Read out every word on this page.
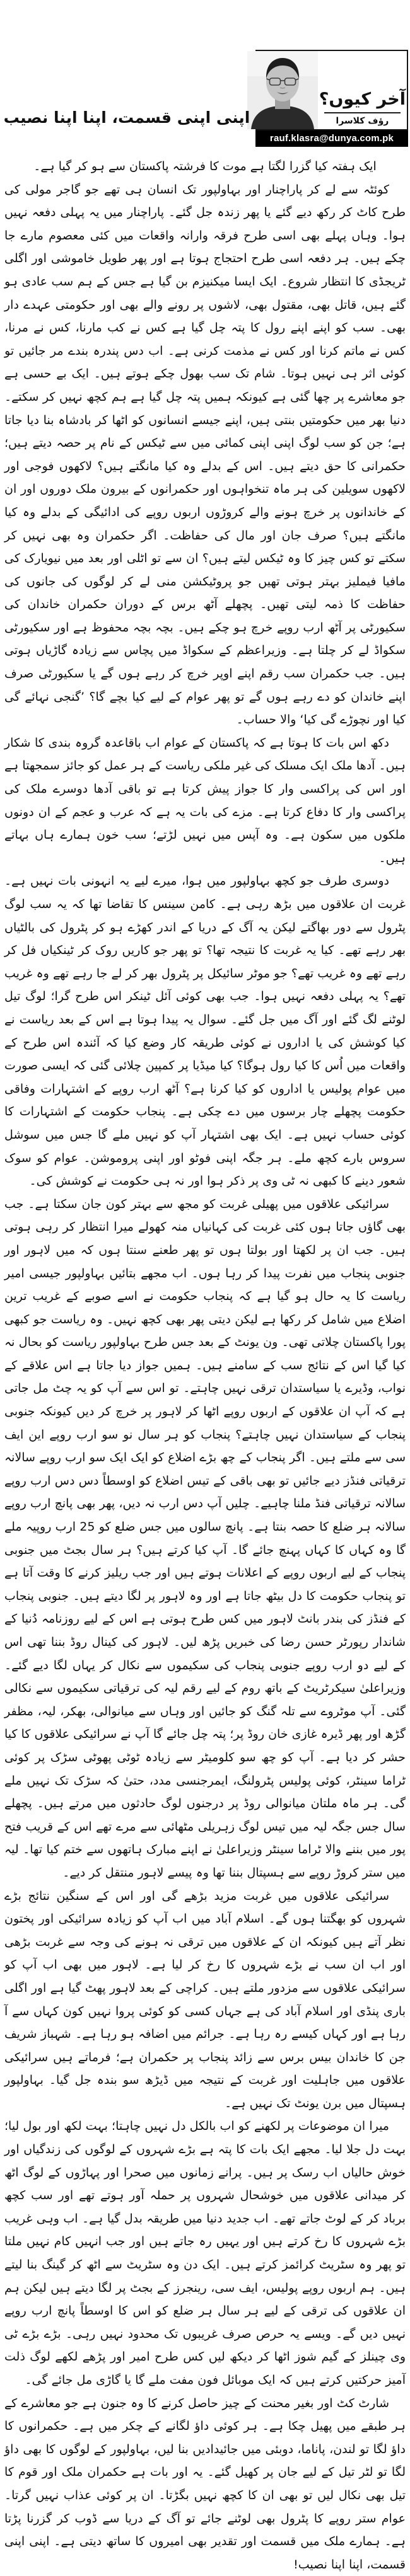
آخر کیوں؟
رؤف کلاسرا
rauf.klasra@dunya.com.pk
اپنی اپنی قسمت، اپنا اپنا نصیب

ایک ہفتہ کیا گزرا لگتا ہے موت کا فرشتہ پاکستان سے ہو کر گیا ہے۔

کوئٹہ سے لے کر پاراچنار اور بہاولپور تک انسان ہی تھے جو گاجر مولی کی طرح کاٹ کر رکھ دیے گئے یا پھر زندہ جل گئے۔ پاراچنار میں یہ پہلی دفعہ نہیں ہوا۔ وہاں پہلے بھی اسی طرح فرقہ وارانہ واقعات میں کئی معصوم مارے جا چکے ہیں۔ ہر دفعہ اسی طرح احتجاج ہوتا ہے اور پھر طویل خاموشی اور اگلی ٹریجڈی کا انتظار شروع۔ ایک ایسا میکنیزم بن گیا ہے جس کے ہم سب عادی ہو گئے ہیں، قاتل بھی، مقتول بھی، لاشوں پر رونے والے بھی اور حکومتی عہدے دار بھی۔ سب کو اپنے اپنے رول کا پتہ چل گیا ہے کس نے کب مارنا، کس نے مرنا، کس نے ماتم کرنا اور کس نے مذمت کرنی ہے۔ اب دس پندرہ بندے مر جائیں تو کوئی اثر ہی نہیں ہوتا۔ شام تک سب بھول چکے ہوتے ہیں۔ ایک بے حسی ہے جو معاشرے پر چھا گئی ہے کیونکہ ہمیں پتہ چل گیا ہے ہم کچھ نہیں کر سکتے۔ دنیا بھر میں حکومتیں بنتی ہیں، اپنے جیسے انسانوں کو اٹھا کر بادشاہ بنا دیا جاتا ہے؛ جن کو سب لوگ اپنی اپنی کمائی میں سے ٹیکس کے نام پر حصہ دیتے ہیں؛ حکمرانی کا حق دیتے ہیں۔ اس کے بدلے وہ کیا مانگتے ہیں؟ لاکھوں فوجی اور لاکھوں سویلین کی ہر ماہ تنخواہوں اور حکمرانوں کے بیرون ملک دوروں اور ان کے خاندانوں پر خرچ ہونے والے کروڑوں اربوں روپے کی ادائیگی کے بدلے وہ کیا مانگتے ہیں؟ صرف جان اور مال کی حفاظت۔ اگر حکمران وہ بھی نہیں کر سکتے تو کس چیز کا وہ ٹیکس لیتے ہیں؟ ان سے تو اٹلی اور بعد میں نیویارک کی مافیا فیملیز بہتر ہوتی تھیں جو پروٹیکشن منی لے کر لوگوں کی جانوں کی حفاظت کا ذمہ لیتی تھیں۔ پچھلے آٹھ برس کے دوران حکمران خاندان کی سکیورٹی پر آٹھ ارب روپے خرچ ہو چکے ہیں۔ بچہ بچہ محفوظ ہے اور سکیورٹی سکواڈ لے کر چلتا ہے۔ وزیراعظم کے سکواڈ میں پچاس سے زیادہ گاڑیاں ہوتی ہیں۔ جب حکمران سب رقم اپنے اوپر خرچ کر رہے ہوں گے یا سکیورٹی صرف اپنے خاندان کو دے رہے ہوں گے تو پھر عوام کے لیے کیا بچے گا؟ ’گنجی نہائے گی کیا اور نچوڑے گی کیا‘ والا حساب۔

دکھ اس بات کا ہوتا ہے کہ پاکستان کے عوام اب باقاعدہ گروہ بندی کا شکار ہیں۔ آدھا ملک ایک مسلک کی غیر ملکی ریاست کے ہر عمل کو جائز سمجھتا ہے اور اس کی پراکسی وار کا جواز پیش کرتا ہے تو باقی آدھا دوسرے ملک کی پراکسی وار کا دفاع کرتا ہے۔ مزے کی بات یہ ہے کہ عرب و عجم کے ان دونوں ملکوں میں سکون ہے۔ وہ آپس میں نہیں لڑتے؛ سب خون ہمارے ہاں بہاتے ہیں۔

دوسری طرف جو کچھ بہاولپور میں ہوا، میرے لیے یہ انہونی بات نہیں ہے۔ غربت ان علاقوں میں بڑھ رہی ہے۔ کامن سینس کا تقاضا تھا کہ یہ سب لوگ پٹرول سے دور بھاگتے لیکن یہ آگ کے دریا کے اندر کھڑے ہو کر پٹرول کی بالٹیاں بھر رہے تھے۔ کیا یہ غربت کا نتیجہ تھا؟ تو پھر جو کاریں روک کر ٹینکیاں فل کر رہے تھے وہ غریب تھے؟ جو موٹر سائیکل پر پٹرول بھر کر لے جا رہے تھے وہ غریب تھے؟ یہ پہلی دفعہ نہیں ہوا۔ جب بھی کوئی آئل ٹینکر اس طرح گرا؛ لوگ تیل لوٹنے لگ گئے اور آگ میں جل گئے۔ سوال یہ پیدا ہوتا ہے اس کے بعد ریاست نے کیا کوشش کی یا اداروں نے کوئی طریقہ کار وضع کیا کہ آئندہ اس طرح کے واقعات میں اُس کا کیا رول ہوگا؟ کیا میڈیا پر کمپین چلائی گئی کہ ایسی صورت میں عوام پولیس یا اداروں کو کیا کرنا ہے؟ آٹھ ارب روپے کے اشتہارات وفاقی حکومت پچھلے چار برسوں میں دے چکی ہے۔ پنجاب حکومت کے اشتہارات کا کوئی حساب نہیں ہے۔ ایک بھی اشتہار آپ کو نہیں ملے گا جس میں سوشل سروس بارے کچھ ملے۔ ہر جگہ اپنی فوٹو اور اپنی پروموشن۔ عوام کو سوک شعور دینے کا کبھی نہ ٹی وی پر ذکر ہوا اور نہ ہی حکومت نے کوشش کی۔

سرائیکی علاقوں میں پھیلی غربت کو مجھ سے بہتر کون جان سکتا ہے۔ جب بھی گاؤں جاتا ہوں کئی غربت کی کہانیاں منہ کھولے میرا انتظار کر رہی ہوتی ہیں۔ جب ان پر لکھتا اور بولتا ہوں تو پھر طعنے سنتا ہوں کہ میں لاہور اور جنوبی پنجاب میں نفرت پیدا کر رہا ہوں۔ اب مجھے بتائیں بہاولپور جیسی امیر ریاست کا یہ حال ہو گیا ہے کہ پنجاب حکومت نے اسے صوبے کے غریب ترین اضلاع میں شامل کر رکھا ہے لیکن دیتی پھر بھی کچھ نہیں۔ وہ ریاست جو کبھی پورا پاکستان چلاتی تھی۔ ون یونٹ کے بعد جس طرح بہاولپور ریاست کو بحال نہ کیا گیا اس کے نتائج سب کے سامنے ہیں۔ ہمیں جواز دیا جاتا ہے اس علاقے کے نواب، وڈیرے یا سیاستدان ترقی نہیں چاہتے۔ تو اس سے آپ کو یہ چٹ مل جاتی ہے کہ آپ ان علاقوں کے اربوں روپے اٹھا کر لاہور پر خرچ کر دیں کیونکہ جنوبی پنجاب کے سیاستدان نہیں چاہتے؟ پنجاب کو ہر سال نو سو ارب روپے این ایف سی سے ملتے ہیں۔ اگر پنجاب کے چھ بڑے اضلاع کو ایک ایک سو ارب روپے سالانہ ترقیاتی فنڈز دیے جائیں تو بھی باقی کے تیس اضلاع کو اوسطاً دس دس ارب روپے سالانہ ترقیاتی فنڈ ملنا چاہیے۔ چلیں آپ دس ارب نہ دیں، پھر بھی پانچ ارب روپے سالانہ ہر ضلع کا حصہ بنتا ہے۔ پانچ سالوں میں جس ضلع کو 25 ارب روپیہ ملے گا وہ کہاں کا کہاں پہنچ جائے گا۔ آپ کیا کرتے ہیں؟ ہر سال بجٹ میں جنوبی پنجاب کے لیے اربوں روپے کے اعلانات ہوتے ہیں اور جب ریلیز کرنے کا وقت آتا ہے تو پنجاب حکومت کا دل بیٹھ جاتا ہے اور وہ لاہور پر لگا دیتے ہیں۔ جنوبی پنجاب کے فنڈز کی بندر بانٹ لاہور میں کس طرح ہوتی ہے اس کے لیے روزنامہ دُنیا کے شاندار رپورٹر حسن رضا کی خبریں پڑھ لیں۔ لاہور کی کینال روڈ بننا تھی اس کے لیے دو ارب روپے جنوبی پنجاب کی سکیموں سے نکال کر یہاں لگا دیے گئے۔ وزیراعلیٰ سیکرٹریٹ کے باتھ روم کے لیے رقم لیہ کی ترقیاتی سکیموں سے نکالی گئی۔ آپ موٹروے سے تلہ گنگ کو جائیں اور وہاں سے میانوالی، بھکر، لیہ، مظفر گڑھ اور پھر ڈیرہ غازی خان روڈ پر؛ پتہ چل جائے گا آپ نے سرائیکی علاقوں کا کیا حشر کر دیا ہے۔ آپ کو چھ سو کلومیٹر سے زیادہ ٹوٹی پھوٹی سڑک پر کوئی ٹراما سینٹر، کوئی پولیس پٹرولنگ، ایمرجنسی مدد، حتیٰ کہ سڑک تک نہیں ملے گی۔ ہر ماہ ملتان میانوالی روڈ پر درجنوں لوگ حادثوں میں مرتے ہیں۔ پچھلے سال جس جگہ لیہ میں تیس لوگ زہریلی مٹھائی سے مرے تھے اس کے قریب فتح پور میں بننے والا ٹراما سینٹر وزیراعلیٰ نے اپنے مبارک ہاتھوں سے ختم کیا تھا۔ لیہ میں ستر کروڑ روپے سے ہسپتال بننا تھا وہ پیسے لاہور منتقل کر دیے۔

سرائیکی علاقوں میں غربت مزید بڑھے گی اور اس کے سنگین نتائج بڑے شہروں کو بھگتنا ہوں گے۔ اسلام آباد میں اب آپ کو زیادہ سرائیکی اور پختون نظر آتے ہیں کیونکہ ان کے علاقوں میں ترقی نہ ہونے کی وجہ سے غربت بڑھی اور اب ان سب نے بڑے شہروں کا رخ کر لیا ہے۔ لاہور میں بھی اب آپ کو سرائیکی علاقوں سے مزدور ملتے ہیں۔ کراچی کے بعد لاہور پھٹ گیا ہے اور اگلی باری پنڈی اور اسلام آباد کی ہے جہاں کسی کو کوئی پروا نہیں کون کہاں سے آ رہا ہے اور کہاں کیسے رہ رہا ہے۔ جرائم میں اضافہ ہو رہا ہے۔ شہباز شریف جن کا خاندان بیس برس سے زائد پنجاب پر حکمران ہے؛ فرماتے ہیں سرائیکی علاقوں میں جاہلیت اور غربت کے نتیجہ میں ڈیڑھ سو بندہ جل گیا۔ بہاولپور ہسپتال میں برن یونٹ تک نہیں ہے۔

میرا ان موضوعات پر لکھنے کو اب بالکل دل نہیں چاہتا؛ بہت لکھ اور بول لیا؛ بہت دل جلا لیا۔ مجھے ایک بات کا پتہ ہے بڑے شہروں کے لوگوں کی زندگیاں اور خوش حالیاں اب رسک پر ہیں۔ پرانے زمانوں میں صحرا اور پہاڑوں کے لوگ اٹھ کر میدانی علاقوں میں خوشحال شہروں پر حملہ آور ہوتے تھے اور سب کچھ برباد کر کے لوٹ جاتے تھے۔ اب جدید دنیا میں طریقہ بدل گیا ہے۔ اب وہی غریب بڑے شہروں کا رخ کرتے ہیں اور یہیں رہ جاتے ہیں اور جب انہیں کام نہیں ملتا تو پھر وہ سٹریٹ کرائمز کرتے ہیں۔ ایک دن وہ سٹریٹ سے اٹھ کر گینگ بنا لیتے ہیں۔ ہم اربوں روپے پولیس، ایف سی، رینجرز کے بجٹ پر لگا دیتے ہیں لیکن ہم ان علاقوں کی ترقی کے لیے ہر سال ہر ضلع کو اس کا اوسطاً پانچ ارب روپے نہیں دیں گے۔ ویسے یہ حرص صرف غریبوں تک محدود نہیں رہی۔ بڑے بڑے ٹی وی چینلز کے گیم شوز اٹھا کر دیکھ لیں کس طرح امیر اور پڑھے لکھے لوگ ذلت آمیز حرکتیں کرتے ہیں کہ ایک موبائل فون مفت ملے گا یا گاڑی مل جائے گی۔

شارٹ کٹ اور بغیر محنت کے چیز حاصل کرنے کا وہ جنون ہے جو معاشرے کے ہر طبقے میں پھیل چکا ہے۔ ہر کوئی داؤ لگانے کے چکر میں ہے۔ حکمرانوں کا داؤ لگا تو لندن، پاناما، دوبئی میں جائیدادیں بنا لیں، بہاولپور کے لوگوں کا بھی داؤ لگا تو لٹر تیل کے لیے جان پر کھیل گئے۔ یہ اور بات ہے حکمران ملک اور قوم کا تیل بھی نکال لیں تو بھی ان کا کچھ نہیں بگڑتا۔ ان پر کوئی عذاب نہیں گرتا۔ عوام ستر روپے کا پٹرول بھی لوٹنے جائے تو آگ کے دریا سے ڈوب کر گزرنا پڑتا ہے۔ ہمارے ملک میں قسمت اور تقدیر بھی امیروں کا ساتھ دیتی ہے۔ اپنی اپنی قسمت، اپنا اپنا نصیب!
